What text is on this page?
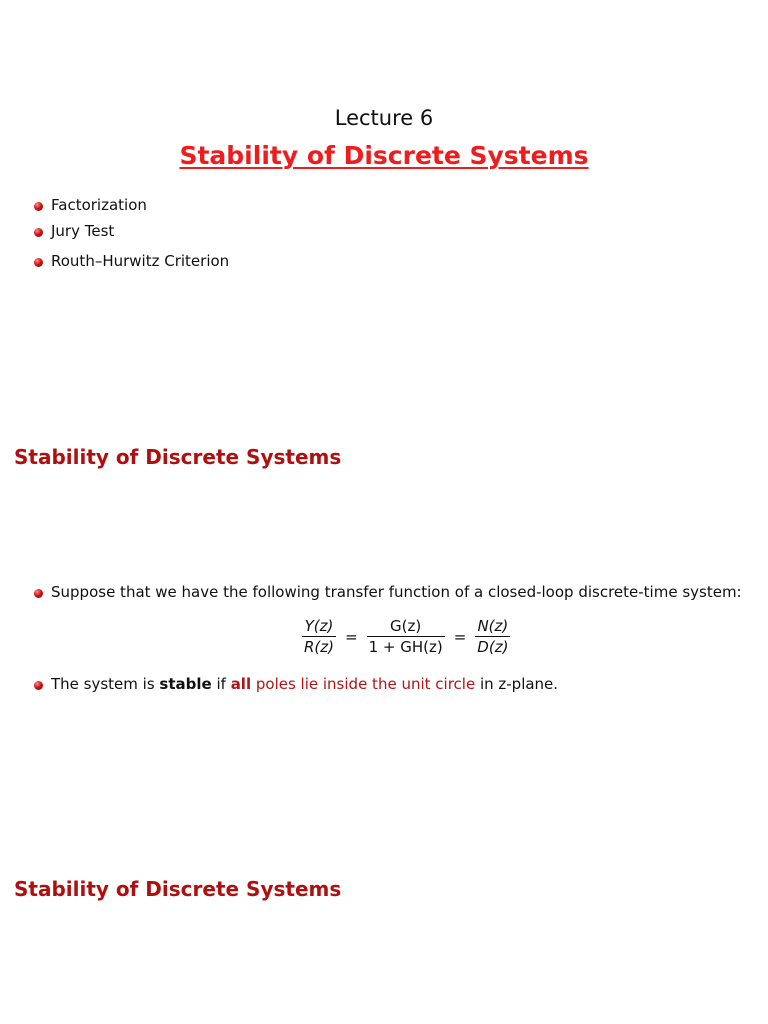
Lecture 6
Stability of Discrete Systems
Factorization
Jury Test
Routh–Hurwitz Criterion
Stability of Discrete Systems
Suppose that we have the following transfer function of a closed-loop discrete-time system:
$\frac{Y(z)}{R(z)} = \frac{G(z)}{1 + GH(z)} = \frac{N(z)}{D(z)}$
The system is stable if all poles lie inside the unit circle in z-plane.
Stability of Discrete Systems
